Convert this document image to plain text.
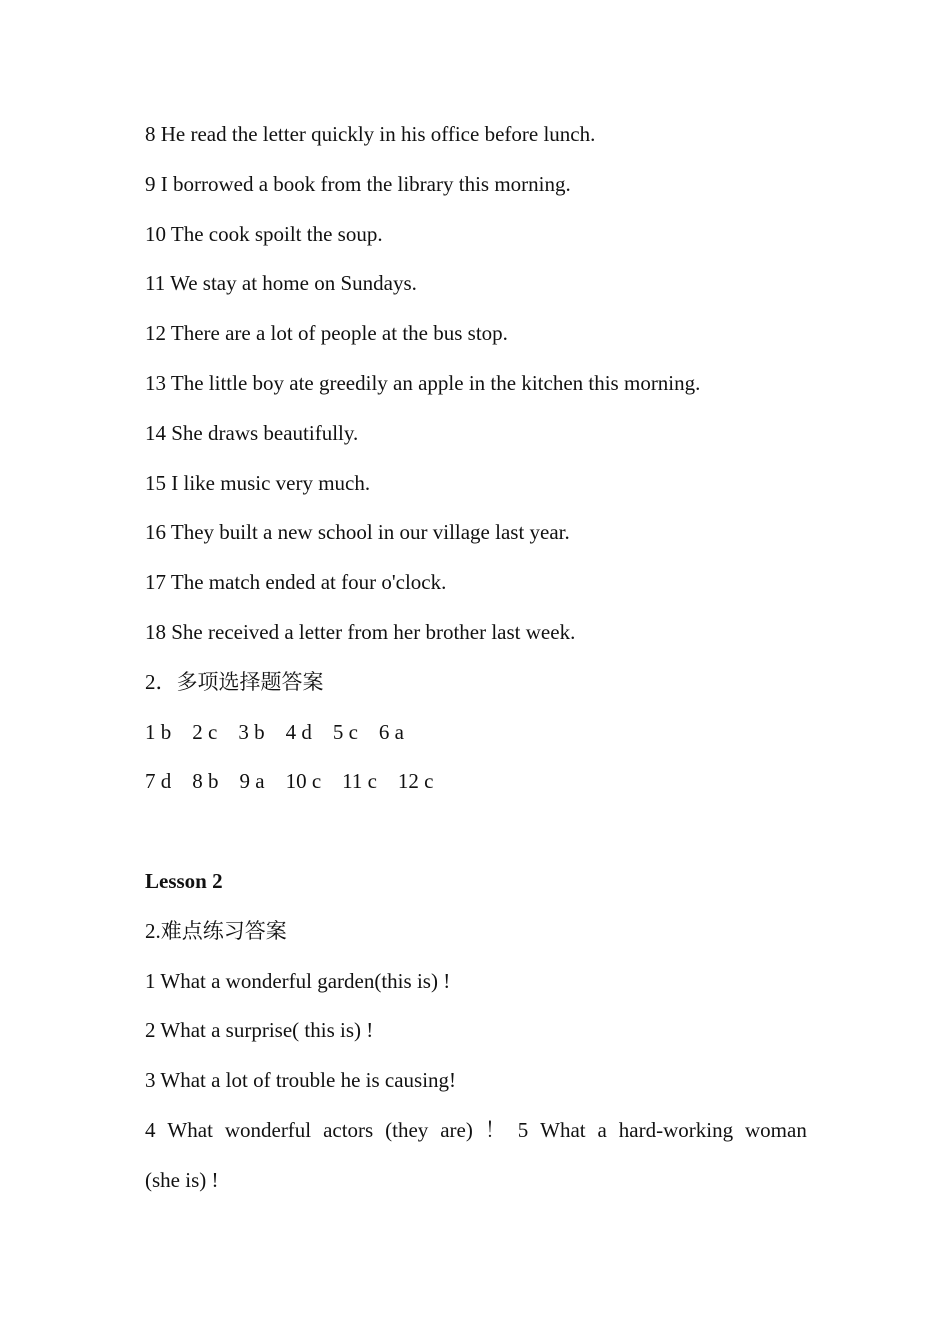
8 He read the letter quickly in his office before lunch.
9 I borrowed a book from the library this morning.
10 The cook spoilt the soup.
11 We stay at home on Sundays.
12 There are a lot of people at the bus stop.
13 The little boy ate greedily an apple in the kitchen this morning.
14 She draws beautifully.
15 I like music very much.
16 They built a new school in our village last year.
17 The match ended at four o'clock.
18 She received a letter from her brother last week.
2．多项选择题答案
1 b    2 c    3 b    4 d    5 c    6 a
7 d    8 b    9 a    10 c    11 c    12 c
Lesson 2
2.难点练习答案
1 What a wonderful garden(this is) !
2 What a surprise( this is) !
3 What a lot of trouble he is causing!
4 What wonderful actors (they are) ！ 5 What a hard-working woman
(she is) !
